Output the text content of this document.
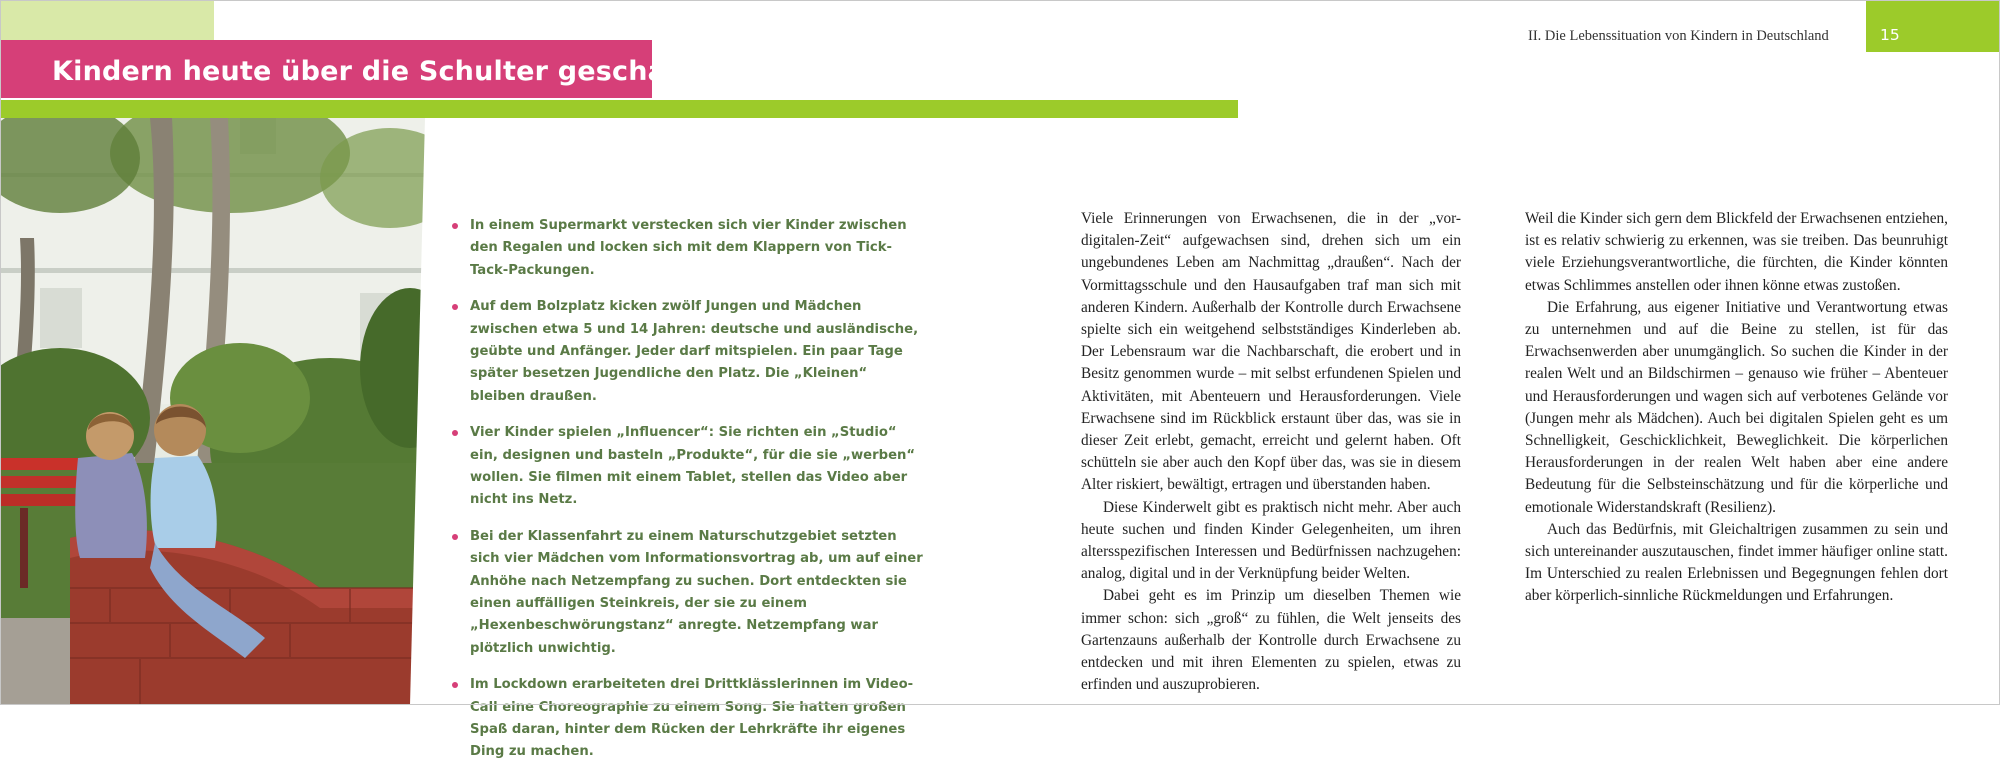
Kindern heute über die Schulter geschaut
II. Die Lebenssituation von Kindern in Deutschland	15
In einem Supermarkt verstecken sich vier Kinder zwischen den Regalen und locken sich mit dem Klappern von Tick-Tack-Packungen.
Auf dem Bolzplatz kicken zwölf Jungen und Mädchen zwischen etwa 5 und 14 Jahren: deutsche und ausländische, geübte und Anfänger. Jeder darf mitspielen. Ein paar Tage später besetzen Jugendliche den Platz. Die „Kleinen“ bleiben draußen.
Vier Kinder spielen „Influencer“: Sie richten ein „Studio“ ein, designen und basteln „Produkte“, für die sie „werben“ wollen. Sie filmen mit einem Tablet, stellen das Video aber nicht ins Netz.
Bei der Klassenfahrt zu einem Naturschutzgebiet setzten sich vier Mädchen vom Informationsvortrag ab, um auf einer Anhöhe nach Netzempfang zu suchen. Dort entdeckten sie einen auffälligen Steinkreis, der sie zu einem „Hexenbeschwörungstanz“ anregte. Netzempfang war plötzlich unwichtig.
Im Lockdown erarbeiteten drei Drittklässlerinnen im Video-Call eine Choreographie zu einem Song. Sie hatten großen Spaß daran, hinter dem Rücken der Lehrkräfte ihr eigenes Ding zu machen.

Viele Erinnerungen von Erwachsenen, die in der „vor-digitalen-Zeit“ aufgewachsen sind, drehen sich um ein ungebundenes Leben am Nachmittag „draußen“. Nach der Vormittagsschule und den Hausaufgaben traf man sich mit anderen Kindern. Außerhalb der Kontrolle durch Erwachsene spielte sich ein weitgehend selbstständiges Kinderleben ab. Der Lebensraum war die Nachbarschaft, die erobert und in Besitz genommen wurde – mit selbst erfundenen Spielen und Aktivitäten, mit Abenteuern und Herausforderungen. Viele Erwachsene sind im Rückblick erstaunt über das, was sie in dieser Zeit erlebt, gemacht, erreicht und gelernt haben. Oft schütteln sie aber auch den Kopf über das, was sie in diesem Alter riskiert, bewältigt, ertragen und überstanden haben.

Diese Kinderwelt gibt es praktisch nicht mehr. Aber auch heute suchen und finden Kinder Gelegenheiten, um ihren altersspezifischen Interessen und Bedürfnissen nachzugehen: analog, digital und in der Verknüpfung beider Welten.

Dabei geht es im Prinzip um dieselben Themen wie immer schon: sich „groß“ zu fühlen, die Welt jenseits des Gartenzauns außerhalb der Kontrolle durch Erwachsene zu entdecken und mit ihren Elementen zu spielen, etwas zu erfinden und auszuprobieren.

Weil die Kinder sich gern dem Blickfeld der Erwachsenen entziehen, ist es relativ schwierig zu erkennen, was sie treiben. Das beunruhigt viele Erziehungsverantwortliche, die fürchten, die Kinder könnten etwas Schlimmes anstellen oder ihnen könne etwas zustoßen.

Die Erfahrung, aus eigener Initiative und Verantwortung etwas zu unternehmen und auf die Beine zu stellen, ist für das Erwachsenwerden aber unumgänglich. So suchen die Kinder in der realen Welt und an Bildschirmen – genauso wie früher – Abenteuer und Herausforderungen und wagen sich auf verbotenes Gelände vor (Jungen mehr als Mädchen). Auch bei digitalen Spielen geht es um Schnelligkeit, Geschicklichkeit, Beweglichkeit. Die körperlichen Herausforderungen in der realen Welt haben aber eine andere Bedeutung für die Selbsteinschätzung und für die körperliche und emotionale Widerstandskraft (Resilienz).

Auch das Bedürfnis, mit Gleichaltrigen zusammen zu sein und sich untereinander auszutauschen, findet immer häufiger online statt. Im Unterschied zu realen Erlebnissen und Begegnungen fehlen dort aber körperlich-sinnliche Rückmeldungen und Erfahrungen.
